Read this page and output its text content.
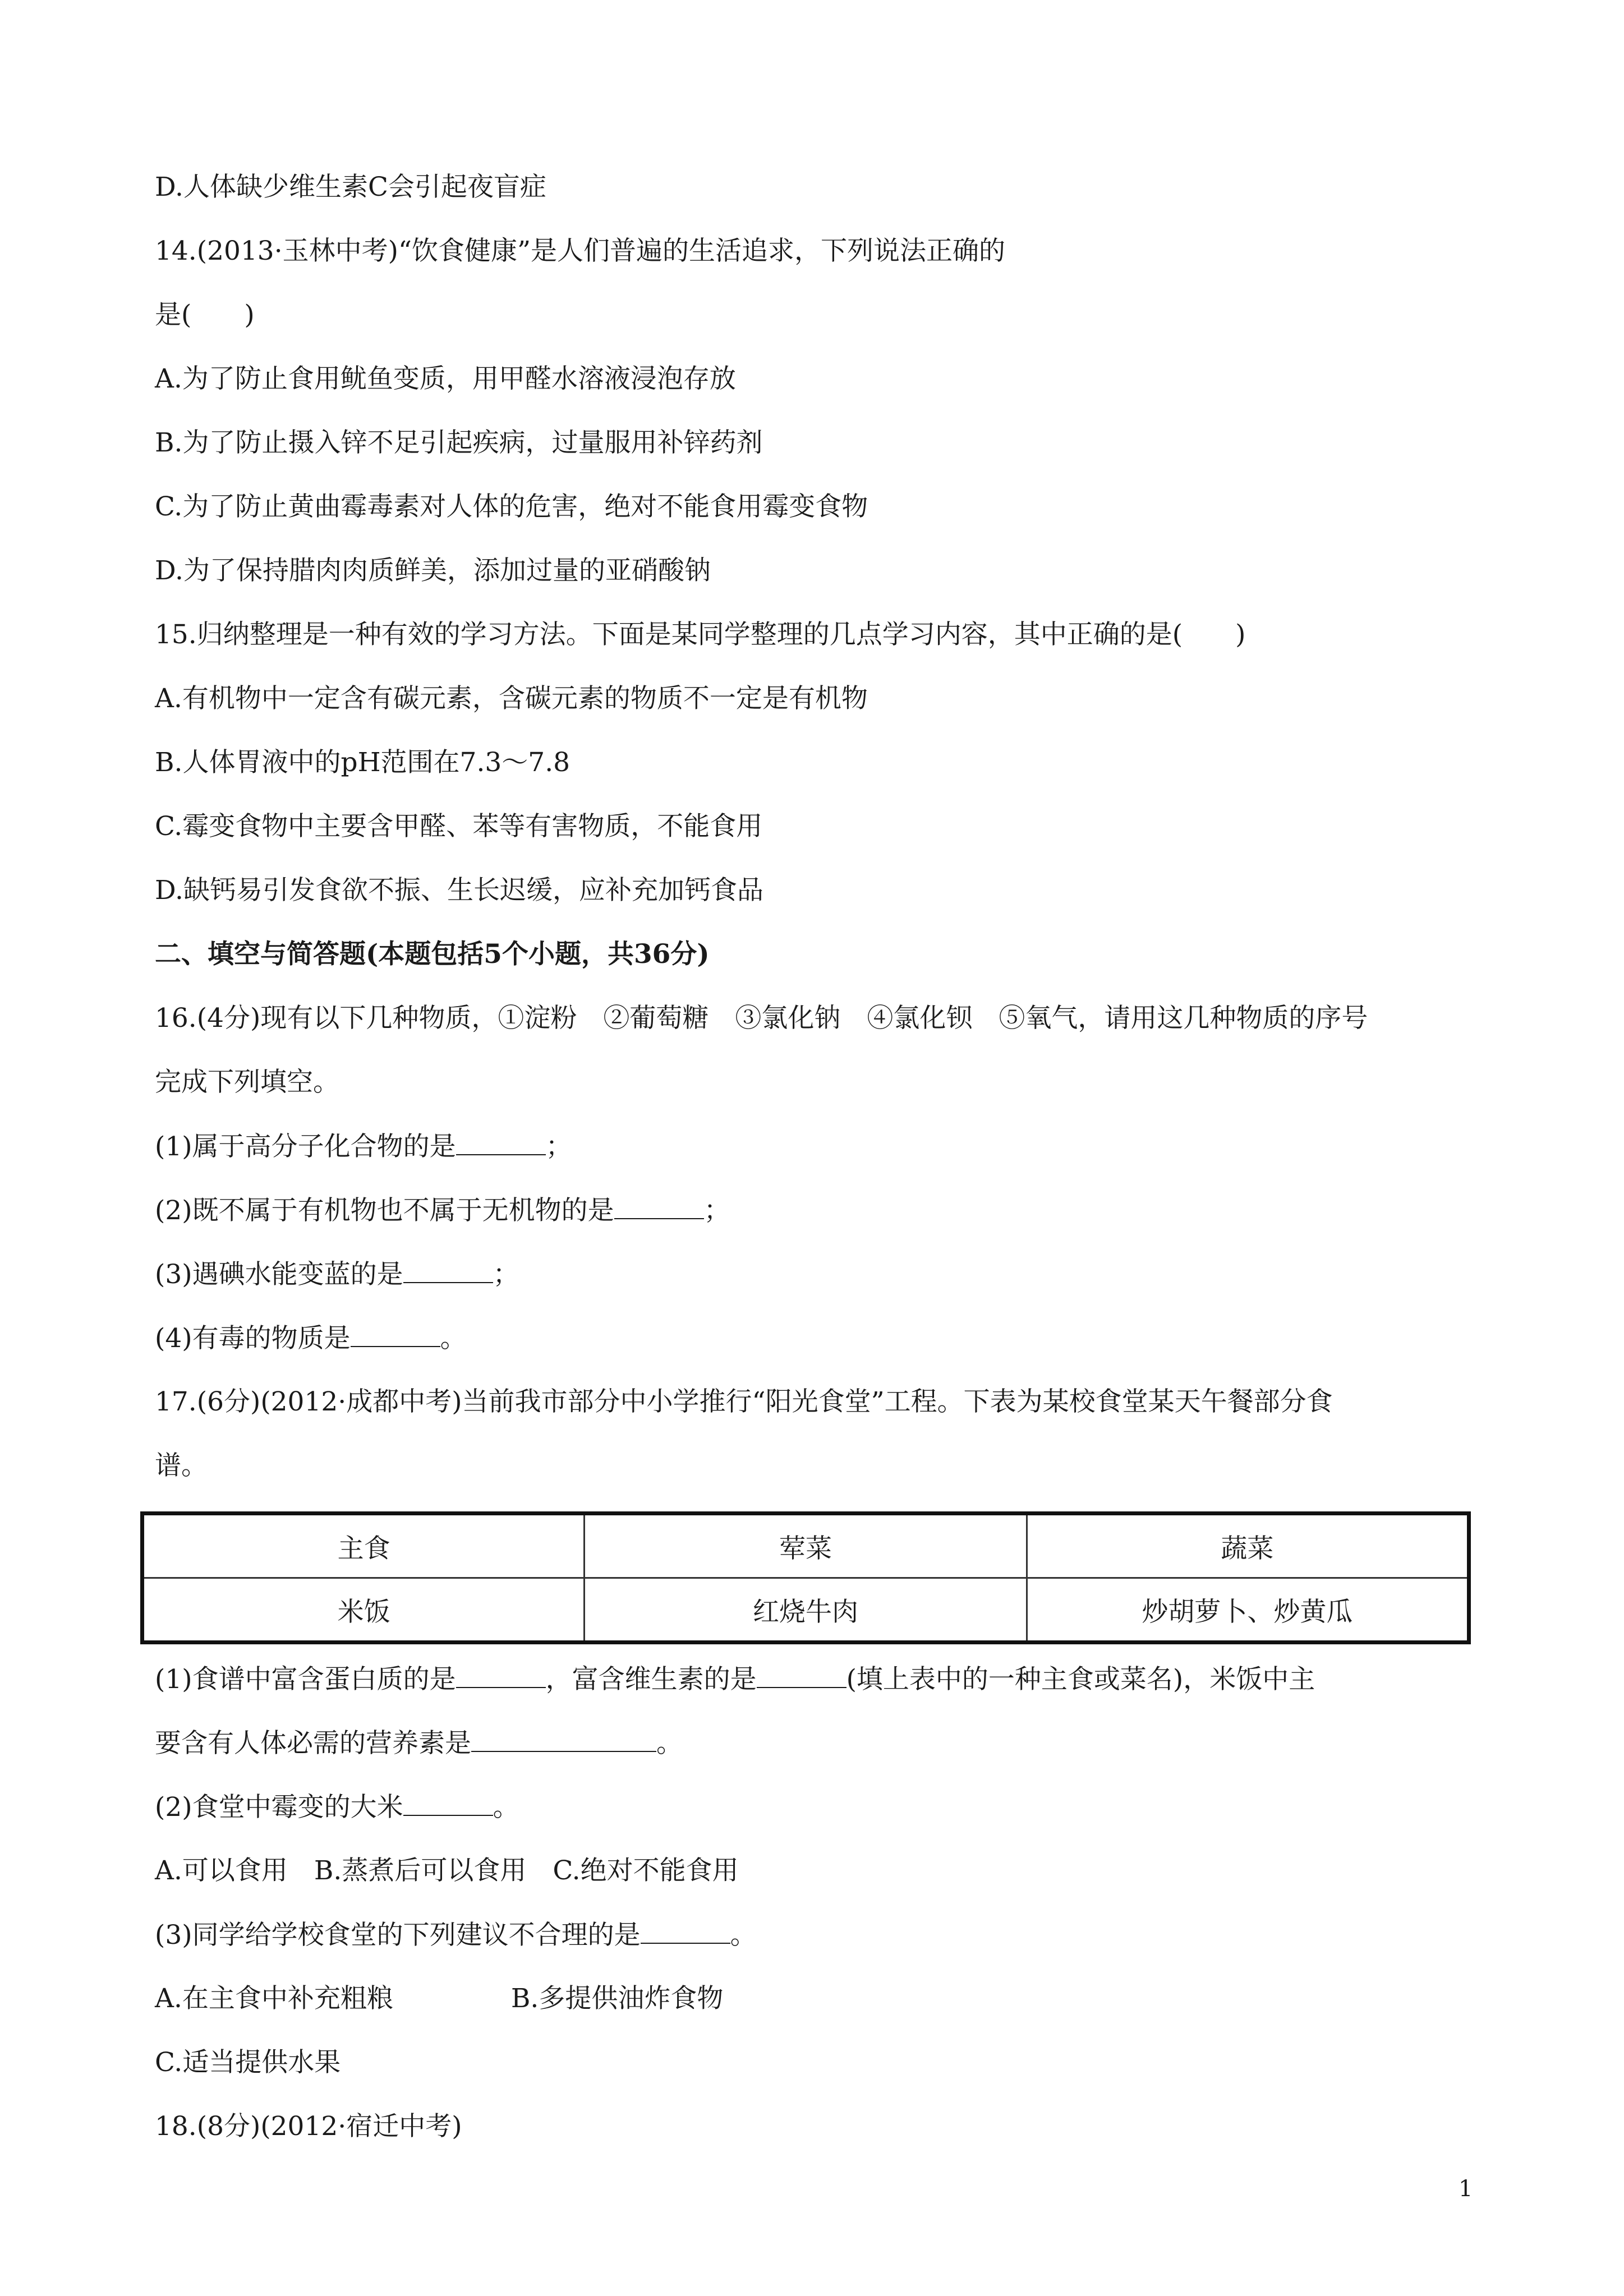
D.人体缺少维生素C会引起夜盲症
14.(2013·玉林中考)“饮食健康”是人们普遍的生活追求，下列说法正确的
是(　　)
A.为了防止食用鱿鱼变质，用甲醛水溶液浸泡存放
B.为了防止摄入锌不足引起疾病，过量服用补锌药剂
C.为了防止黄曲霉毒素对人体的危害，绝对不能食用霉变食物
D.为了保持腊肉肉质鲜美，添加过量的亚硝酸钠
15.归纳整理是一种有效的学习方法。下面是某同学整理的几点学习内容，其中正确的是(　　)
A.有机物中一定含有碳元素，含碳元素的物质不一定是有机物
B.人体胃液中的pH范围在7.3～7.8
C.霉变食物中主要含甲醛、苯等有害物质，不能食用
D.缺钙易引发食欲不振、生长迟缓，应补充加钙食品
二、填空与简答题(本题包括5个小题，共36分)
16.(4分)现有以下几种物质，①淀粉　②葡萄糖　③氯化钠　④氯化钡　⑤氧气，请用这几种物质的序号
完成下列填空。
(1)属于高分子化合物的是	；
(2)既不属于有机物也不属于无机物的是	；
(3)遇碘水能变蓝的是	；
(4)有毒的物质是	。
17.(6分)(2012·成都中考)当前我市部分中小学推行“阳光食堂”工程。下表为某校食堂某天午餐部分食
谱。
主食	荤菜	蔬菜
米饭	红烧牛肉	炒胡萝卜、炒黄瓜
(1)食谱中富含蛋白质的是	，富含维生素的是	(填上表中的一种主食或菜名)，米饭中主
要含有人体必需的营养素是	。
(2)食堂中霉变的大米	。
A.可以食用　B.蒸煮后可以食用　C.绝对不能食用
(3)同学给学校食堂的下列建议不合理的是	。
A.在主食中补充粗粮	B.多提供油炸食物
C.适当提供水果
18.(8分)(2012·宿迁中考)
1
